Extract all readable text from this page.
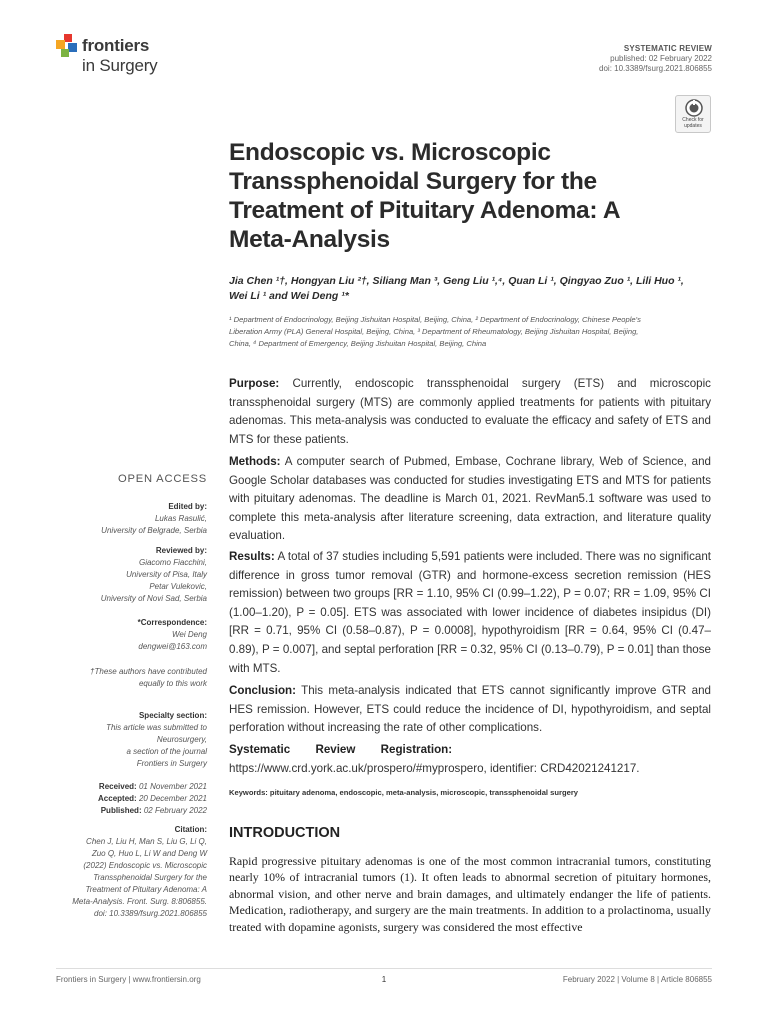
frontiers
in Surgery
SYSTEMATIC REVIEW
published: 02 February 2022
doi: 10.3389/fsurg.2021.806855
Check for
updates
Endoscopic vs. Microscopic Transsphenoidal Surgery for the Treatment of Pituitary Adenoma: A Meta-Analysis
Jia Chen ¹†, Hongyan Liu ²†, Siliang Man ³, Geng Liu ¹,⁴, Quan Li ¹, Qingyao Zuo ¹, Lili Huo ¹,
Wei Li ¹ and Wei Deng ¹*
¹ Department of Endocrinology, Beijing Jishuitan Hospital, Beijing, China, ² Department of Endocrinology, Chinese People's
Liberation Army (PLA) General Hospital, Beijing, China, ³ Department of Rheumatology, Beijing Jishuitan Hospital, Beijing,
China, ⁴ Department of Emergency, Beijing Jishuitan Hospital, Beijing, China

Purpose: Currently, endoscopic transsphenoidal surgery (ETS) and microscopic transsphenoidal surgery (MTS) are commonly applied treatments for patients with pituitary adenomas. This meta-analysis was conducted to evaluate the efficacy and safety of ETS and MTS for these patients.

Methods: A computer search of Pubmed, Embase, Cochrane library, Web of Science, and Google Scholar databases was conducted for studies investigating ETS and MTS for patients with pituitary adenomas. The deadline is March 01, 2021. RevMan5.1 software was used to complete this meta-analysis after literature screening, data extraction, and literature quality evaluation.

Results: A total of 37 studies including 5,591 patients were included. There was no significant difference in gross tumor removal (GTR) and hormone-excess secretion remission (HES remission) between two groups [RR = 1.10, 95% CI (0.99–1.22), P = 0.07; RR = 1.09, 95% CI (1.00–1.20), P = 0.05]. ETS was associated with lower incidence of diabetes insipidus (DI) [RR = 0.71, 95% CI (0.58–0.87), P = 0.0008], hypothyroidism [RR = 0.64, 95% CI (0.47–0.89), P = 0.007], and septal perforation [RR = 0.32, 95% CI (0.13–0.79), P = 0.01] than those with MTS.

Conclusion: This meta-analysis indicated that ETS cannot significantly improve GTR and HES remission. However, ETS could reduce the incidence of DI, hypothyroidism, and septal perforation without increasing the rate of other complications.

Systematic Review Registration: https://www.crd.york.ac.uk/prospero/#myprospero, identifier: CRD42021241217.

Keywords: pituitary adenoma, endoscopic, meta-analysis, microscopic, transsphenoidal surgery
INTRODUCTION

Rapid progressive pituitary adenomas is one of the most common intracranial tumors, constituting nearly 10% of intracranial tumors (1). It often leads to abnormal secretion of pituitary hormones, abnormal vision, and other nerve and brain damages, and ultimately endanger the life of patients. Medication, radiotherapy, and surgery are the main treatments. In addition to a prolactinoma, usually treated with dopamine agonists, surgery was considered the most effective

OPEN ACCESS
Edited by:
Lukas Rasulić,
University of Belgrade, Serbia
Reviewed by:
Giacomo Fiacchini,
University of Pisa, Italy
Petar Vulekovic,
University of Novi Sad, Serbia
*Correspondence:
Wei Deng
dengwei@163.com
†These authors have contributed
equally to this work
Specialty section:
This article was submitted to
Neurosurgery,
a section of the journal
Frontiers in Surgery
Received: 01 November 2021
Accepted: 20 December 2021
Published: 02 February 2022
Citation:
Chen J, Liu H, Man S, Liu G, Li Q,
Zuo Q, Huo L, Li W and Deng W
(2022) Endoscopic vs. Microscopic
Transsphenoidal Surgery for the
Treatment of Pituitary Adenoma: A
Meta-Analysis. Front. Surg. 8:806855.
doi: 10.3389/fsurg.2021.806855
Frontiers in Surgery | www.frontiersin.org	1	February 2022 | Volume 8 | Article 806855
